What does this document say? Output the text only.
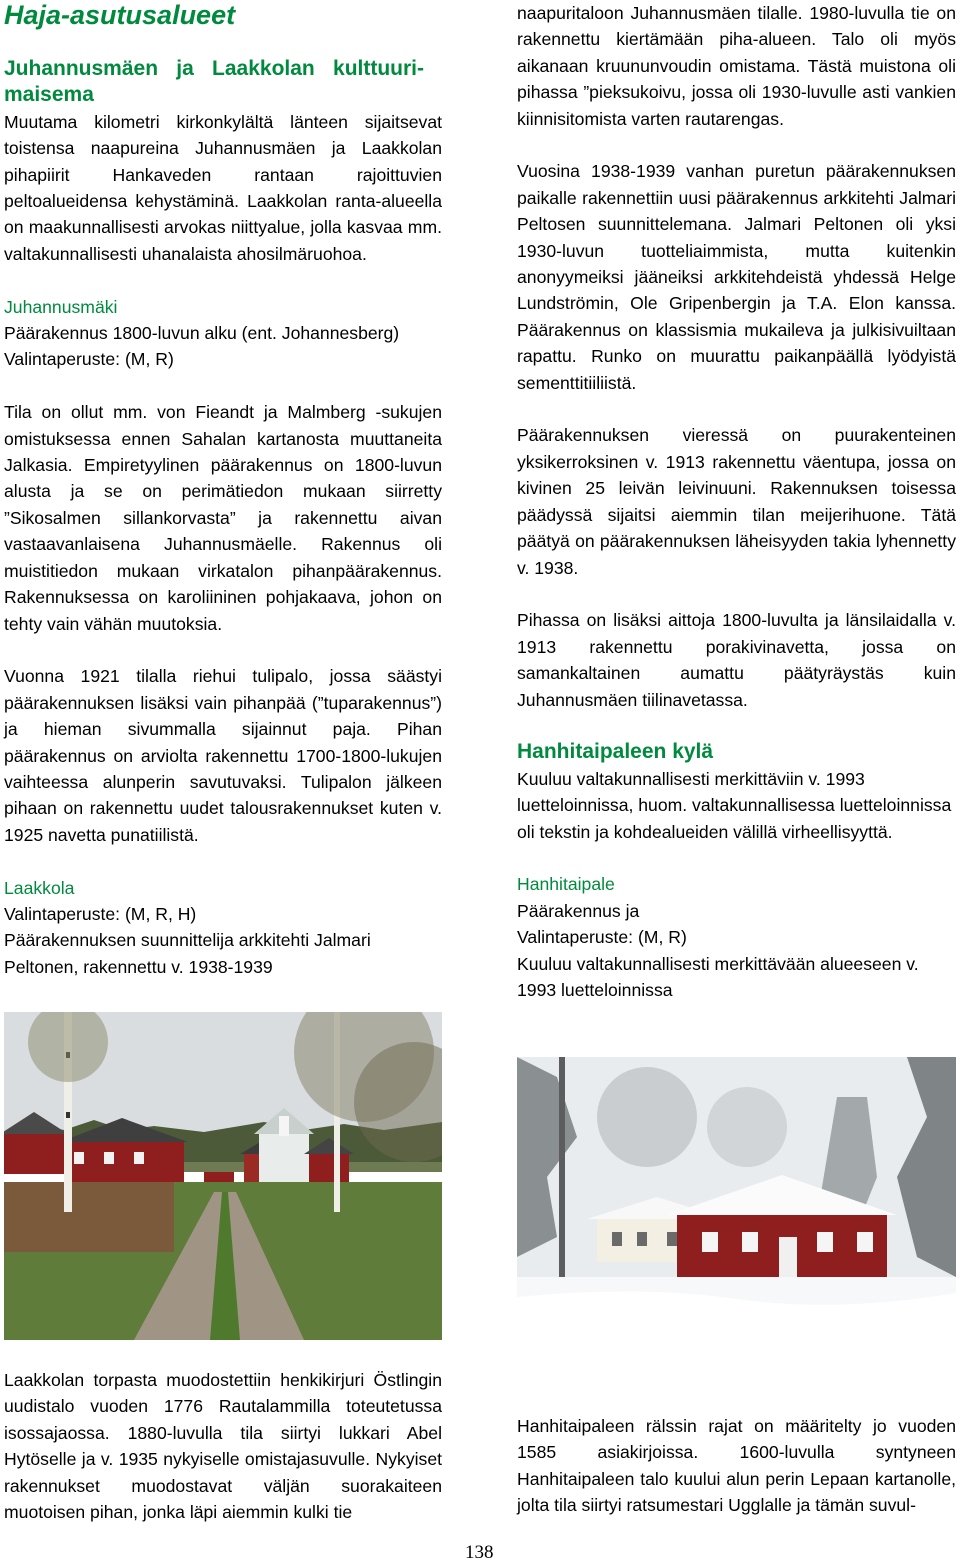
Haja-asutusalueet

Juhannusmäen ja Laakkolan kulttuuri-maisema

Muutama kilometri kirkonkylältä länteen sijaitsevat toistensa naapureina Juhannusmäen ja Laakkolan pihapiirit Hankaveden rantaan rajoittuvien peltoalueidensa kehystäminä. Laakkolan ranta-alueella on maakunnallisesti arvokas niittyalue, jolla kasvaa mm. valtakunnallisesti uhanalaista ahosilmäruohoa.

Juhannusmäki

Päärakennus 1800-luvun alku (ent. Johannesberg)

Valintaperuste: (M, R)

Tila on ollut mm. von Fieandt ja Malmberg -sukujen omistuksessa ennen Sahalan kartanosta muuttaneita Jalkasia. Empiretyylinen päärakennus on 1800-luvun alusta ja se on perimätiedon mukaan siirretty ”Sikosalmen sillankorvasta” ja rakennettu aivan vastaavanlaisena Juhannusmäelle. Rakennus oli muistitiedon mukaan virkatalon pihanpäärakennus. Rakennuksessa on karoliininen pohjakaava, johon on tehty vain vähän muutoksia.

Vuonna 1921 tilalla riehui tulipalo, jossa säästyi päärakennuksen lisäksi vain pihanpää (”tuparakennus”) ja hieman sivummalla sijainnut paja. Pihan päärakennus on arviolta rakennettu 1700-1800-lukujen vaihteessa alunperin savutuvaksi. Tulipalon jälkeen pihaan on rakennettu uudet talousrakennukset kuten v. 1925 navetta punatiilistä.

Laakkola

Valintaperuste: (M, R, H)

Päärakennuksen suunnittelija arkkitehti Jalmari Peltonen, rakennettu v. 1938-1939

Laakkolan torpasta muodostettiin henkikirjuri Östlingin uudistalo vuoden 1776 Rautalammilla toteutetussa isossajaossa. 1880-luvulla tila siirtyi lukkari Abel Hytöselle ja v. 1935 nykyiselle omistajasuvulle. Nykyiset rakennukset muodostavat väljän suorakaiteen muotoisen pihan, jonka läpi aiemmin kulki tie

naapuritaloon Juhannusmäen tilalle. 1980-luvulla tie on rakennettu kiertämään piha-alueen. Talo oli myös aikanaan kruununvoudin omistama. Tästä muistona oli pihassa ”pieksukoivu, jossa oli 1930-luvulle asti vankien kiinnisitomista varten rautarengas.

Vuosina 1938-1939 vanhan puretun päärakennuksen paikalle rakennettiin uusi päärakennus arkkitehti Jalmari Peltosen suunnittelemana. Jalmari Peltonen oli yksi 1930-luvun tuotteliaimmista, mutta kuitenkin anonyymeiksi jääneiksi arkkitehdeistä yhdessä Helge Lundströmin, Ole Gripenbergin ja T.A. Elon kanssa. Päärakennus on klassismia mukaileva ja julkisivuiltaan rapattu. Runko on muurattu paikanpäällä lyödyistä sementtitiiliistä.

Päärakennuksen vieressä on puurakenteinen yksikerroksinen v. 1913 rakennettu väentupa, jossa on kivinen 25 leivän leivinuuni. Rakennuksen toisessa päädyssä sijaitsi aiemmin tilan meijerihuone. Tätä päätyä on päärakennuksen läheisyyden takia lyhennetty v. 1938.

Pihassa on lisäksi aittoja 1800-luvulta ja länsilaidalla v. 1913 rakennettu porakivinavetta, jossa on samankaltainen aumattu päätyräystäs kuin Juhannusmäen tiilinavetassa.

Hanhitaipaleen kylä

Kuuluu valtakunnallisesti merkittäviin v. 1993 luetteloinnissa, huom. valtakunnallisessa luetteloinnissa oli tekstin ja kohdealueiden välillä virheellisyyttä.

Hanhitaipale

Päärakennus ja

Valintaperuste: (M, R)

Kuuluu valtakunnallisesti merkittävään alueeseen v. 1993 luetteloinnissa

Hanhitaipaleen rälssin rajat on määritelty jo vuoden 1585 asiakirjoissa. 1600-luvulla syntyneen Hanhitaipaleen talo kuului alun perin Lepaan kartanolle, jolta tila siirtyi ratsumestari Ugglalle ja tämän suvul-

138
